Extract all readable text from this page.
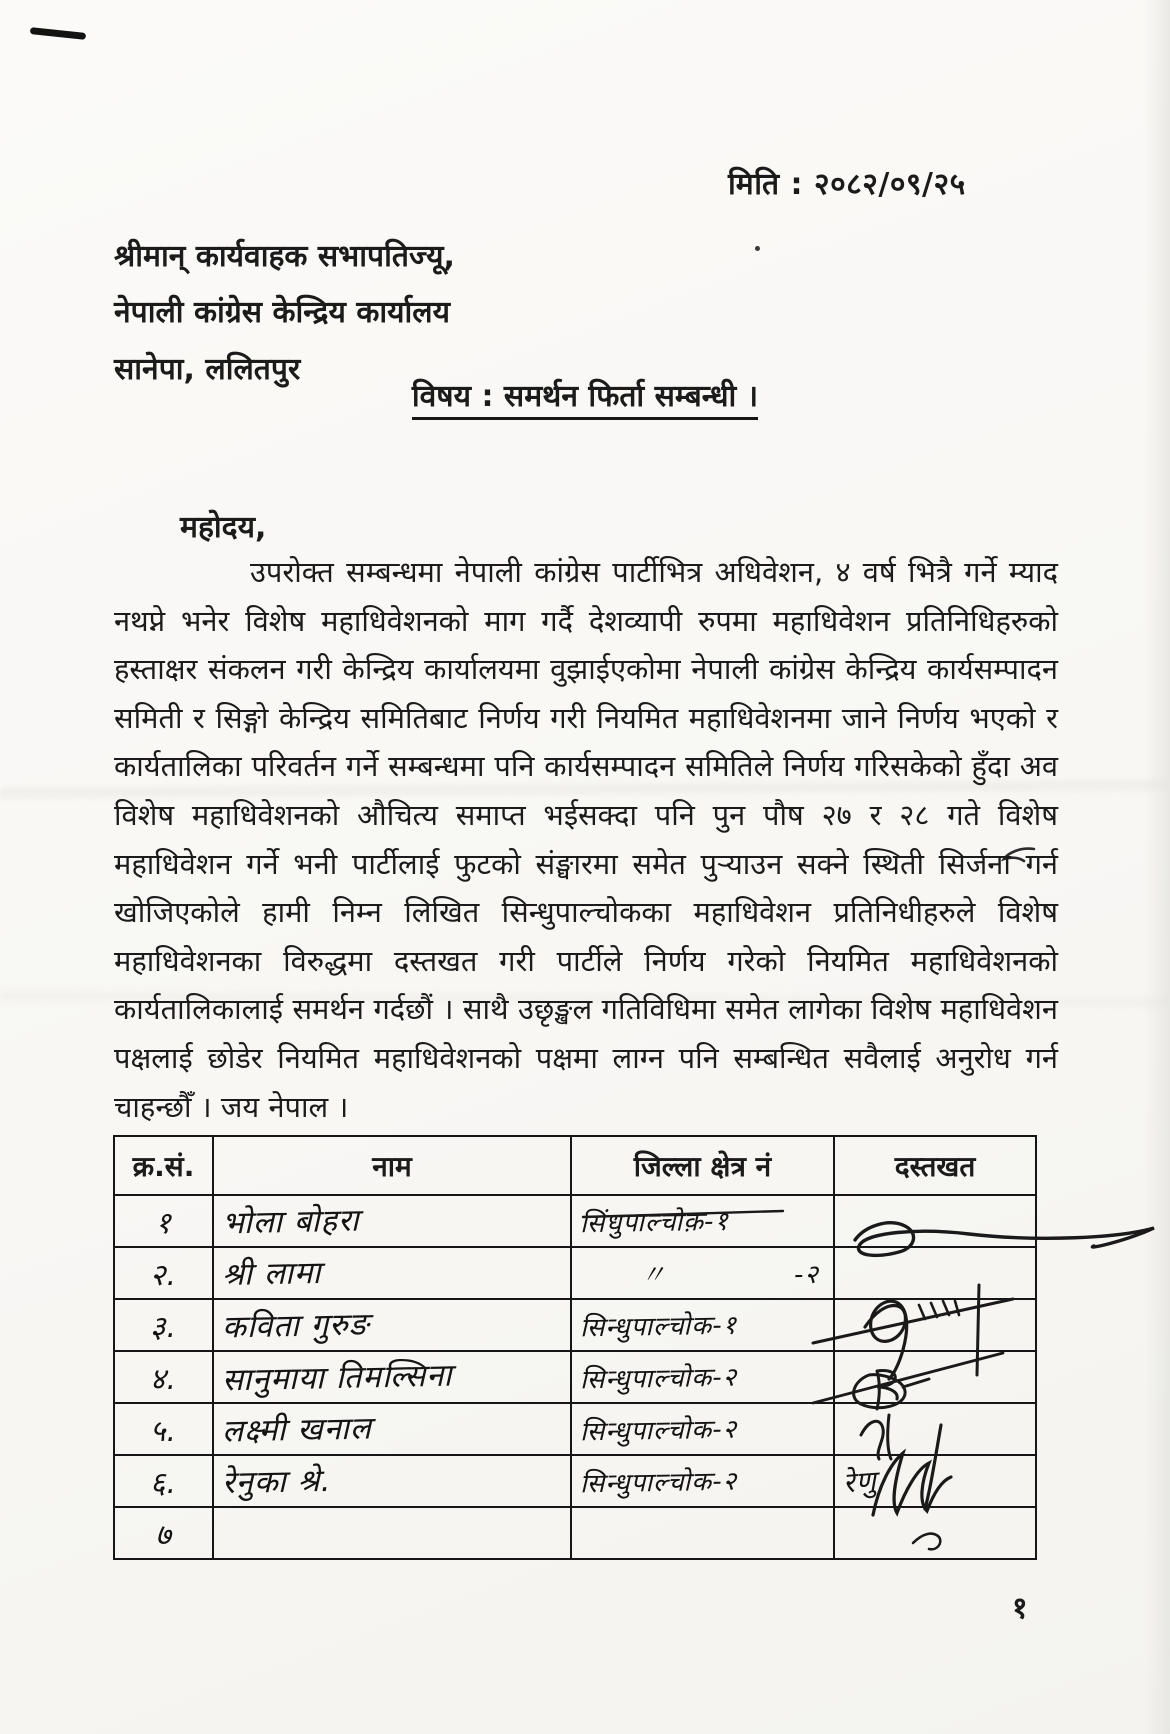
मिति : २०८२/०९/२५
श्रीमान् कार्यवाहक सभापतिज्यू,
नेपाली कांग्रेस केन्द्रिय कार्यालय
सानेपा, ललितपुर
विषय : समर्थन फिर्ता सम्बन्धी ।
महोदय,
उपरोक्त सम्बन्धमा नेपाली कांग्रेस पार्टीभित्र अधिवेशन, ४ वर्ष भित्रै गर्ने म्याद नथप्ने भनेर विशेष महाधिवेशनको माग गर्दै देशव्यापी रुपमा महाधिवेशन प्रतिनिधिहरुको हस्ताक्षर संकलन गरी केन्द्रिय कार्यालयमा वुझाईएकोमा नेपाली कांग्रेस केन्द्रिय कार्यसम्पादन समिती र सिङ्गो केन्द्रिय समितिबाट निर्णय गरी नियमित महाधिवेशनमा जाने निर्णय भएको र कार्यतालिका परिवर्तन गर्ने सम्बन्धमा पनि कार्यसम्पादन समितिले निर्णय गरिसकेको हुँदा अव विशेष महाधिवेशनको औचित्य समाप्त भईसक्दा पनि पुन पौष २७ र २८ गते विशेष महाधिवेशन गर्ने भनी पार्टीलाई फुटको संङ्घारमा समेत पुऱ्याउन सक्ने स्थिती सिर्जना गर्न खोजिएकोले हामी निम्न लिखित सिन्धुपाल्चोकका महाधिवेशन प्रतिनिधीहरुले विशेष महाधिवेशनका विरुद्धमा दस्तखत गरी पार्टीले निर्णय गरेको नियमित महाधिवेशनको कार्यतालिकालाई समर्थन गर्दछौं । साथै उछृङ्खल गतिविधिमा समेत लागेका विशेष महाधिवेशन पक्षलाई छोडेर नियमित महाधिवेशनको पक्षमा लाग्न पनि सम्बन्धित सवैलाई अनुरोध गर्न चाहन्छौँ । जय नेपाल ।
क्र.सं.	नाम	जिल्ला क्षेत्र नं	दस्तखत
१	भोला बोहरा	सिंधुपाल्चोक़-१	
२.	श्री लामा	〃 -२	

३.	कविता गुरुङ	सिन्धुपाल्चोक-१	
४.	सानुमाया तिमल्सिना	सिन्धुपाल्चोक-२	
५.	लक्ष्मी खनाल	सिन्धुपाल्चोक-२	
६.	रेनुका श्रे.	सिन्धुपाल्चोक-२	रेणु.
७			
१
